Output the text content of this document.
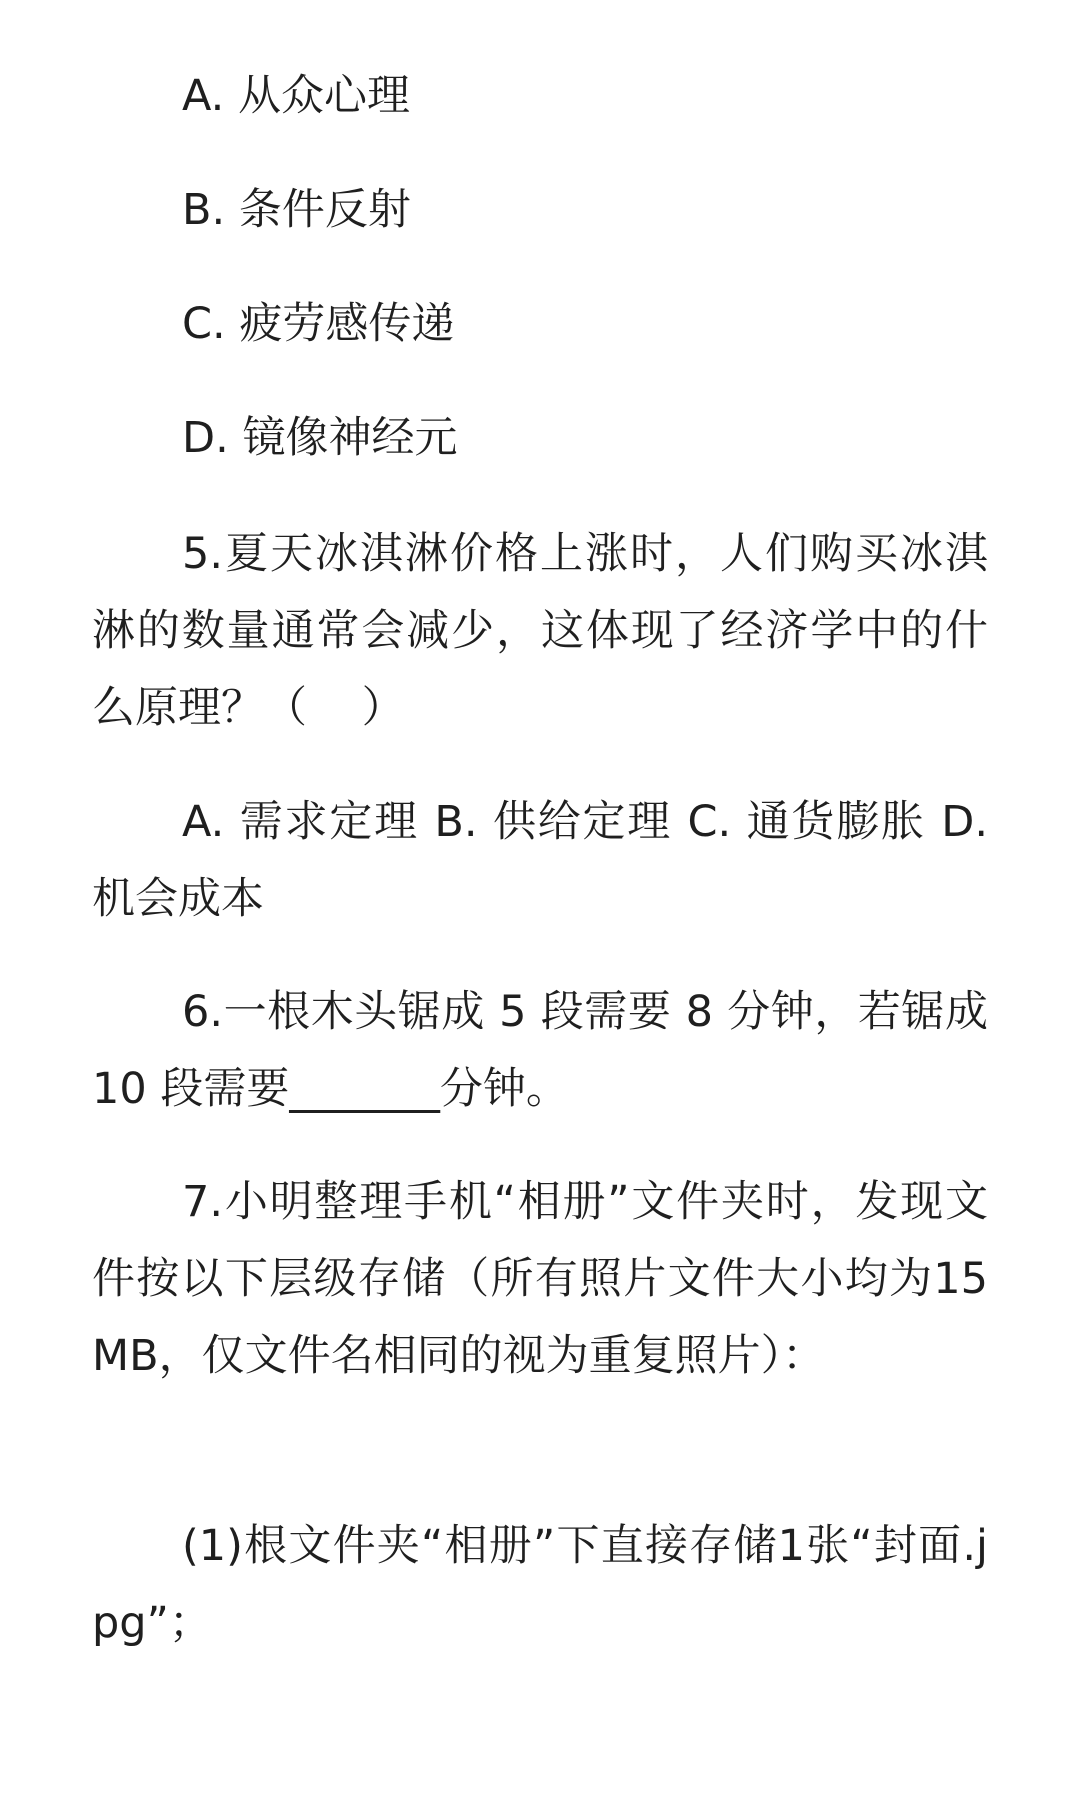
A. 从众心理

B. 条件反射

C. 疲劳感传递

D. 镜像神经元

5.夏天冰淇淋价格上涨时，人们购买冰淇淋的数量通常会减少，这体现了经济学中的什么原理？（    ）

A. 需求定理 B. 供给定理 C. 通货膨胀 D. 机会成本

6.一根木头锯成 5 段需要 8 分钟，若锯成 10 段需要_______分钟。

7.小明整理手机“相册”文件夹时，发现文件按以下层级存储（所有照片文件大小均为15MB，仅文件名相同的视为重复照片）：

(1)根文件夹“相册”下直接存储1张“封面.jpg”；
